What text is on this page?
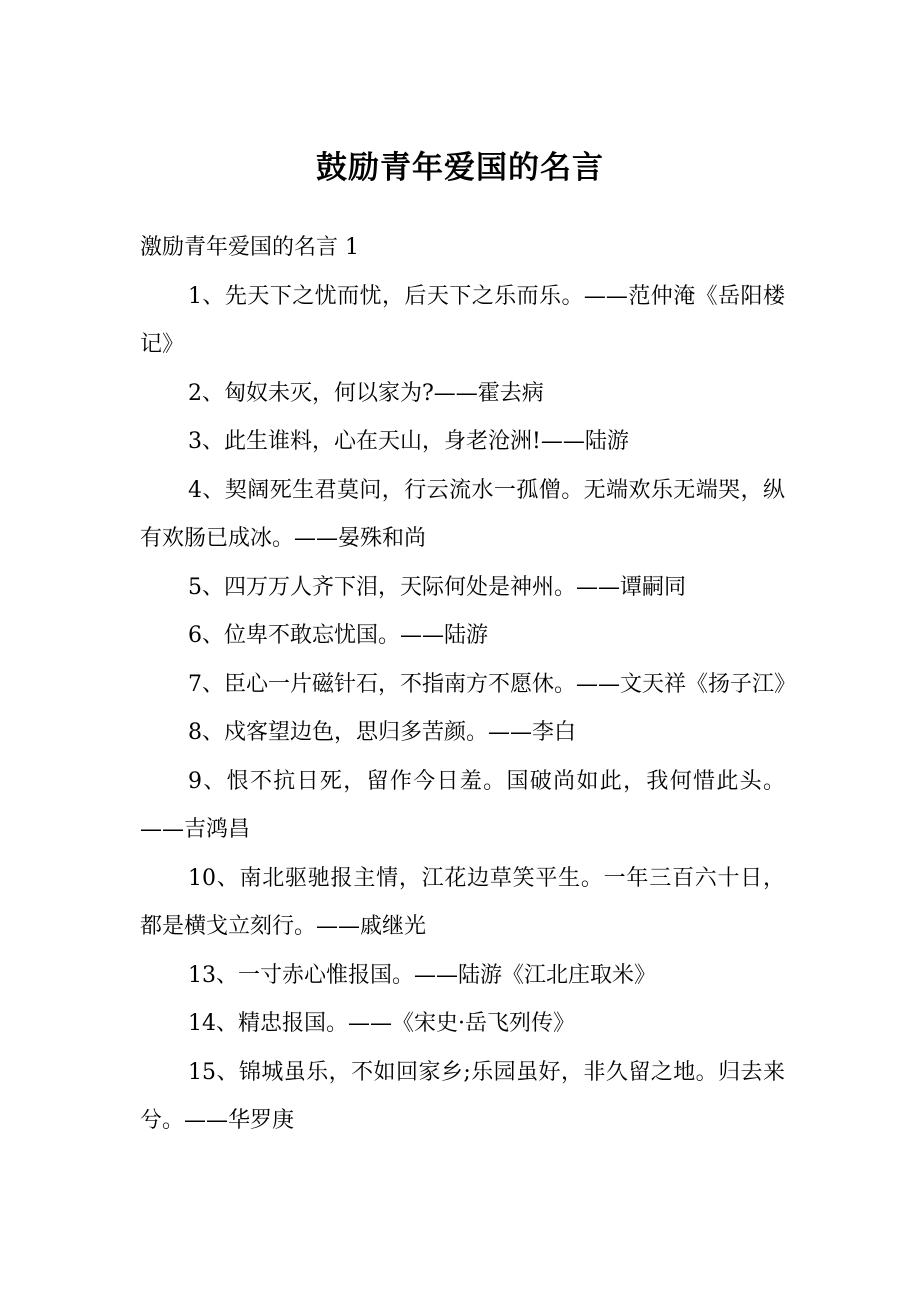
鼓励青年爱国的名言

激励青年爱国的名言 1

1、先天下之忧而忧，后天下之乐而乐。——范仲淹《岳阳楼记》

2、匈奴未灭，何以家为?——霍去病

3、此生谁料，心在天山，身老沧洲!——陆游

4、契阔死生君莫问，行云流水一孤僧。无端欢乐无端哭，纵有欢肠已成冰。——晏殊和尚

5、四万万人齐下泪，天际何处是神州。——谭嗣同

6、位卑不敢忘忧国。——陆游

7、臣心一片磁针石，不指南方不愿休。——文天祥《扬子江》

8、戍客望边色，思归多苦颜。——李白

9、恨不抗日死，留作今日羞。国破尚如此，我何惜此头。——吉鸿昌

10、南北驱驰报主情，江花边草笑平生。一年三百六十日，都是横戈立刻行。——戚继光

13、一寸赤心惟报国。——陆游《江北庄取米》

14、精忠报国。——《宋史·岳飞列传》

15、锦城虽乐，不如回家乡;乐园虽好，非久留之地。归去来兮。——华罗庚
